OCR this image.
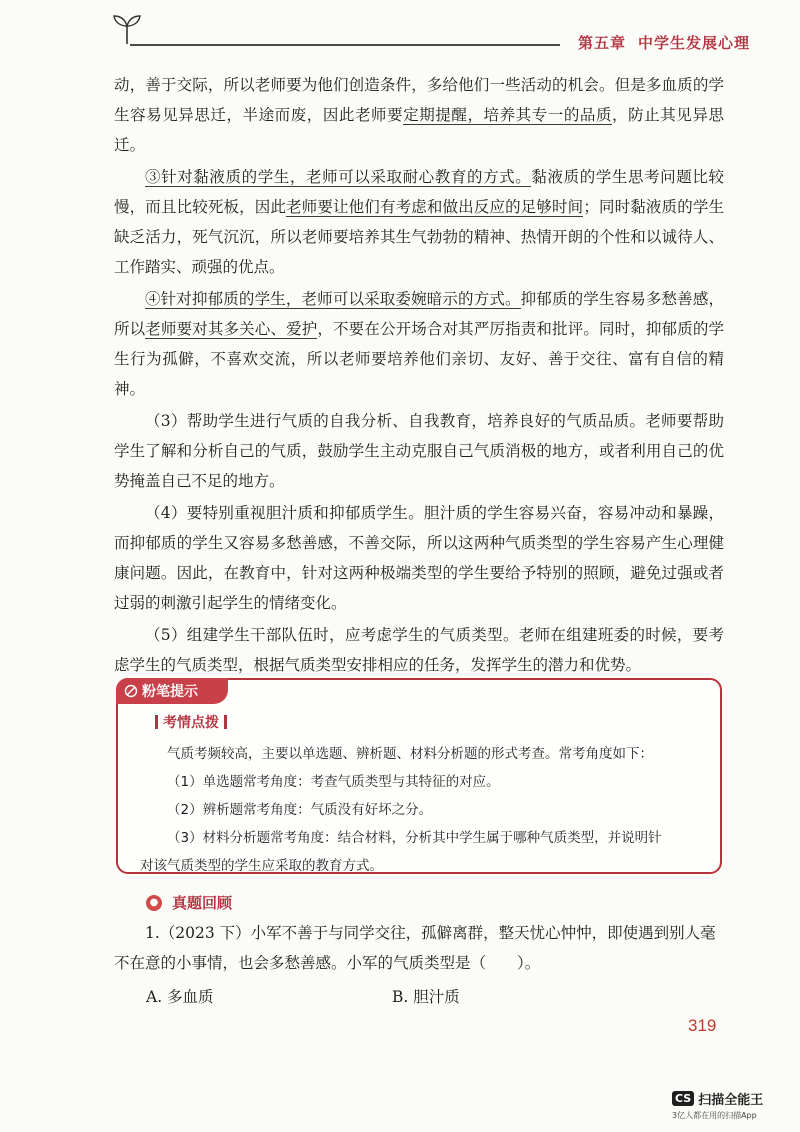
第五章 中学生发展心理

动，善于交际，所以老师要为他们创造条件，多给他们一些活动的机会。但是多血质的学生容易见异思迁，半途而废，因此老师要定期提醒，培养其专一的品质，防止其见异思迁。

③针对黏液质的学生，老师可以采取耐心教育的方式。黏液质的学生思考问题比较慢，而且比较死板，因此老师要让他们有考虑和做出反应的足够时间；同时黏液质的学生缺乏活力，死气沉沉，所以老师要培养其生气勃勃的精神、热情开朗的个性和以诚待人、工作踏实、顽强的优点。

④针对抑郁质的学生，老师可以采取委婉暗示的方式。抑郁质的学生容易多愁善感，所以老师要对其多关心、爱护，不要在公开场合对其严厉指责和批评。同时，抑郁质的学生行为孤僻，不喜欢交流，所以老师要培养他们亲切、友好、善于交往、富有自信的精神。

（3）帮助学生进行气质的自我分析、自我教育，培养良好的气质品质。老师要帮助学生了解和分析自己的气质，鼓励学生主动克服自己气质消极的地方，或者利用自己的优势掩盖自己不足的地方。

（4）要特别重视胆汁质和抑郁质学生。胆汁质的学生容易兴奋，容易冲动和暴躁，而抑郁质的学生又容易多愁善感，不善交际，所以这两种气质类型的学生容易产生心理健康问题。因此，在教育中，针对这两种极端类型的学生要给予特别的照顾，避免过强或者过弱的刺激引起学生的情绪变化。

（5）组建学生干部队伍时，应考虑学生的气质类型。老师在组建班委的时候，要考虑学生的气质类型，根据气质类型安排相应的任务，发挥学生的潜力和优势。

粉笔提示
考情点拨
气质考频较高，主要以单选题、辨析题、材料分析题的形式考查。常考角度如下：
（1）单选题常考角度：考查气质类型与其特征的对应。
（2）辨析题常考角度：气质没有好坏之分。
（3）材料分析题常考角度：结合材料，分析其中学生属于哪种气质类型，并说明针
对该气质类型的学生应采取的教育方式。
● 真题回顾

1.（2023 下）小军不善于与同学交往，孤僻离群，整天忧心忡忡，即使遇到别人毫不在意的小事情，也会多愁善感。小军的气质类型是（　　）。

A. 多血质	B. 胆汁质
319
CS 扫描全能王
3亿人都在用的扫描App
